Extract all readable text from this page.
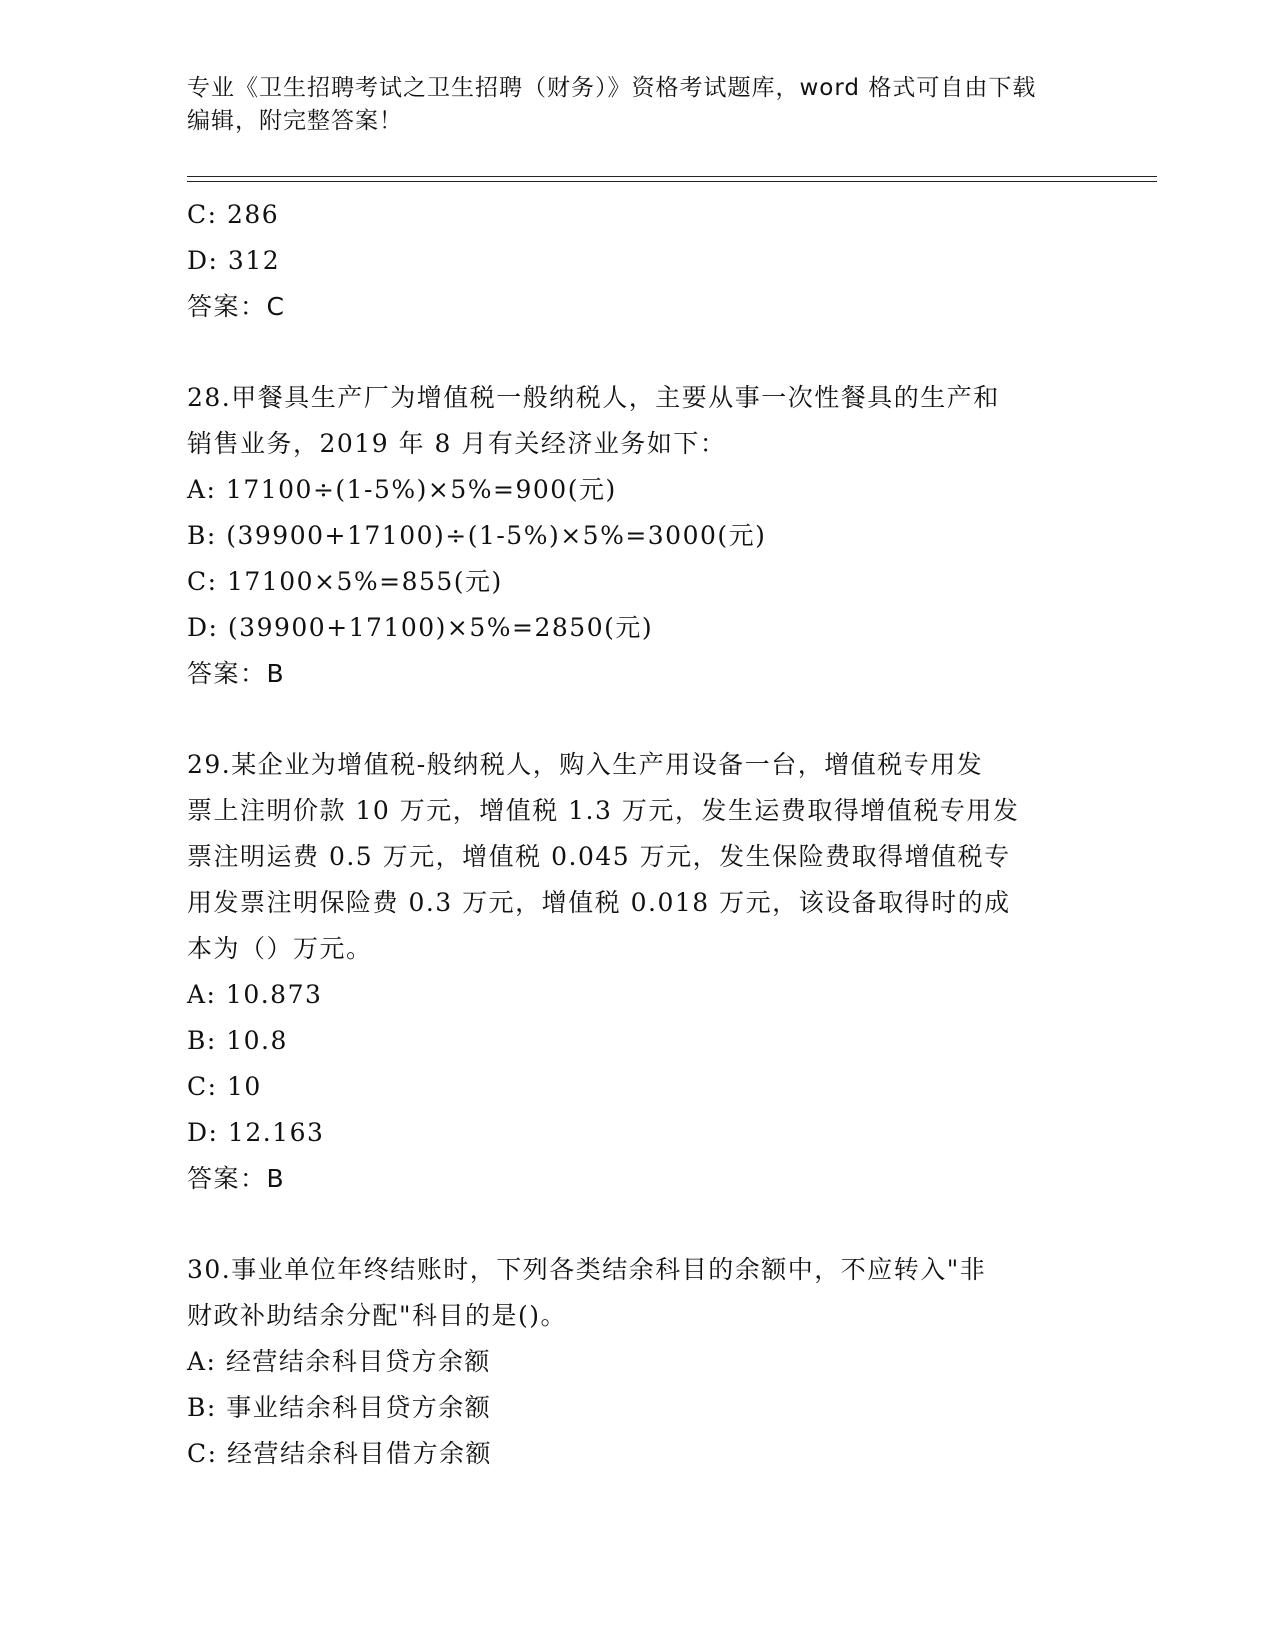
专业《卫生招聘考试之卫生招聘（财务）》资格考试题库，word 格式可自由下载
编辑，附完整答案！
C: 286
D: 312
答案：C
28.甲餐具生产厂为增值税一般纳税人，主要从事一次性餐具的生产和
销售业务，2019 年 8 月有关经济业务如下：
A: 17100÷(1-5%)×5%=900(元)
B: (39900+17100)÷(1-5%)×5%=3000(元)
C: 17100×5%=855(元)
D: (39900+17100)×5%=2850(元)
答案：B
29.某企业为增值税-般纳税人，购入生产用设备一台，增值税专用发
票上注明价款 10 万元，增值税 1.3 万元，发生运费取得增值税专用发
票注明运费 0.5 万元，增值税 0.045 万元，发生保险费取得增值税专
用发票注明保险费 0.3 万元，增值税 0.018 万元，该设备取得时的成
本为（）万元。
A: 10.873
B: 10.8
C: 10
D: 12.163
答案：B
30.事业单位年终结账时，下列各类结余科目的余额中，不应转入"非
财政补助结余分配"科目的是()。
A: 经营结余科目贷方余额
B: 事业结余科目贷方余额
C: 经营结余科目借方余额
